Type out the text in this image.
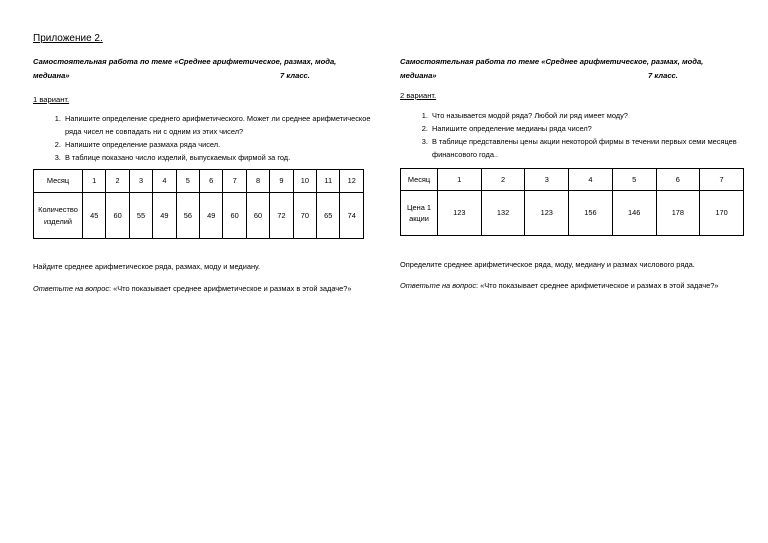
Приложение 2.
Самостоятельная работа по теме «Среднее арифметическое, размах, мода,
медиана»	7 класс.
1 вариант.
1. Напишите определение среднего арифметического. Может ли среднее арифметическое ряда чисел не совпадать ни с одним из этих чисел?
2. Напишите определение размаха ряда чисел.
3. В таблице показано число изделий, выпускаемых фирмой за год.
Месяц	1	2	3	4	5	6	7	8	9	10	11	12
Количество изделий	45	60	55	49	56	49	60	60	72	70	65	74
Найдите среднее арифметическое ряда, размах, моду и медиану.
Ответьте на вопрос: «Что показывает среднее арифметическое и размах в этой задаче?»
Самостоятельная работа по теме «Среднее арифметическое, размах, мода,
медиана»	7 класс.
2 вариант.
1. Что называется модой ряда? Любой ли ряд имеет моду?
2. Напишите определение медианы ряда чисел?
3. В таблице представлены цены акции некоторой фирмы в течении первых семи месяцев финансового года..
Месяц	1	2	3	4	5	6	7
Цена 1 акции	123	132	123	156	146	178	170
Определите среднее арифметическое ряда, моду, медиану и размах числового ряда.
Ответьте на вопрос: «Что показывает среднее арифметическое и размах в этой задаче?»
